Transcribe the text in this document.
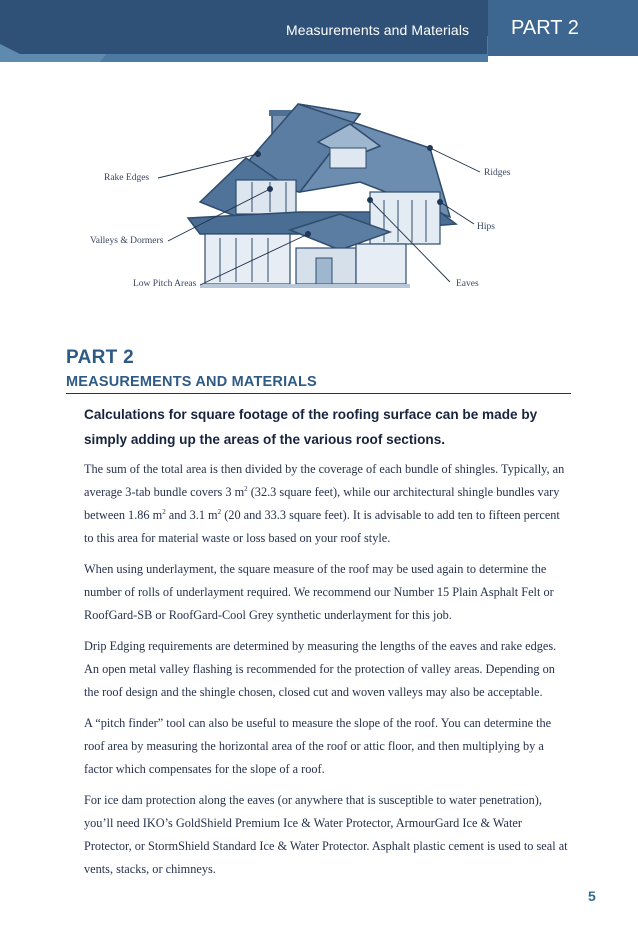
Measurements and Materials PART 2
Rake Edges
Valleys & Dormers
Low Pitch Areas
Ridges
Hips
Eaves
PART 2
MEASUREMENTS AND MATERIALS

Calculations for square footage of the roofing surface can be made by simply adding up the areas of the various roof sections.

The sum of the total area is then divided by the coverage of each bundle of shingles. Typically, an average 3-tab bundle covers 3 $m^2$ (32.3 square feet), while our architectural shingle bundles vary between 1.86 $m^2$ and 3.1 $m^2$ (20 and 33.3 square feet). It is advisable to add ten to fifteen percent to this area for material waste or loss based on your roof style.

When using underlayment, the square measure of the roof may be used again to determine the number of rolls of underlayment required. We recommend our Number 15 Plain Asphalt Felt or RoofGard-SB or RoofGard-Cool Grey synthetic underlayment for this job.

Drip Edging requirements are determined by measuring the lengths of the eaves and rake edges. An open metal valley flashing is recommended for the protection of valley areas. Depending on the roof design and the shingle chosen, closed cut and woven valleys may also be acceptable.

A “pitch finder” tool can also be useful to measure the slope of the roof. You can determine the roof area by measuring the horizontal area of the roof or attic floor, and then multiplying by a factor which compensates for the slope of a roof.

For ice dam protection along the eaves (or anywhere that is susceptible to water penetration), you’ll need IKO’s GoldShield Premium Ice & Water Protector, ArmourGard Ice & Water Protector, or StormShield Standard Ice & Water Protector. Asphalt plastic cement is used to seal at vents, stacks, or chimneys.

5
